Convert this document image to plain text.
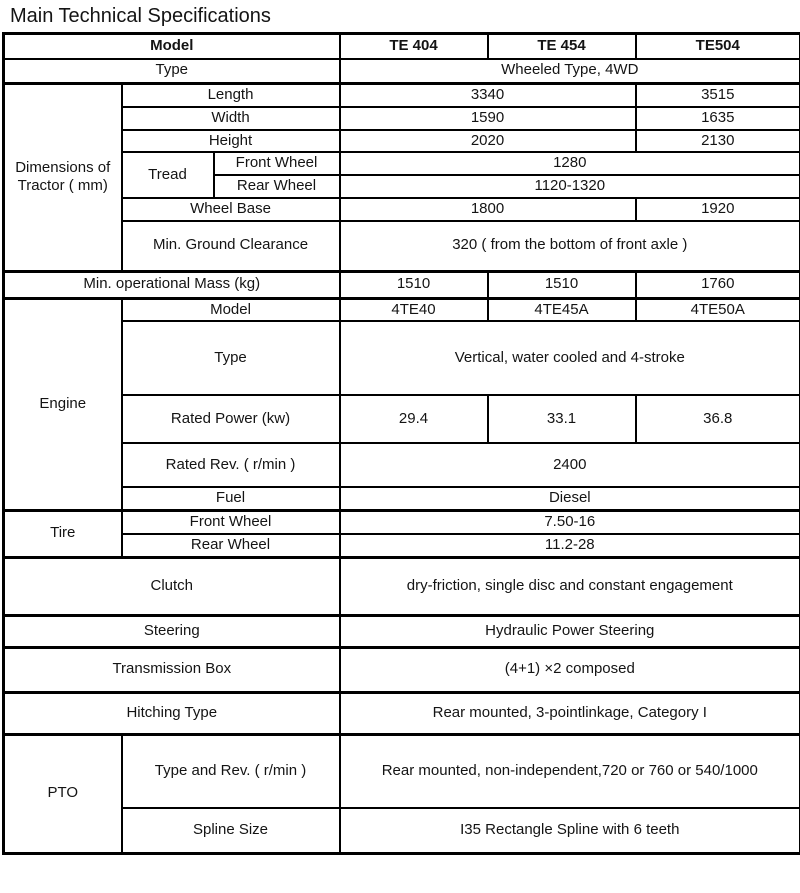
Main Technical Specifications
Model			TE 404	TE 454	TE504
Type			Wheeled Type, 4WD		
Dimensions of Tractor ( mm)	Length		3340		3515
	Width		1590		1635
	Height		2020		2130
	Tread	Front Wheel	1280		
		Rear Wheel	1120-1320		
	Wheel Base		1800		1920
	Min. Ground Clearance		320 ( from the bottom of front axle )		
Min. operational Mass (kg)			1510	1510	1760
Engine	Model		4TE40	4TE45A	4TE50A
	Type		Vertical, water cooled and 4-stroke		
	Rated Power (kw)		29.4	33.1	36.8
	Rated Rev. ( r/min )		2400		
	Fuel		Diesel		
Tire	Front Wheel		7.50-16		
	Rear Wheel		11.2-28		
Clutch			dry-friction, single disc and constant engagement		
Steering			Hydraulic Power Steering		
Transmission Box			(4+1) ×2 composed		
Hitching Type			Rear mounted, 3-pointlinkage, Category I		
PTO	Type and Rev. ( r/min )		Rear mounted, non-independent,720 or 760 or 540/1000		
	Spline Size		I35 Rectangle Spline with 6 teeth		
